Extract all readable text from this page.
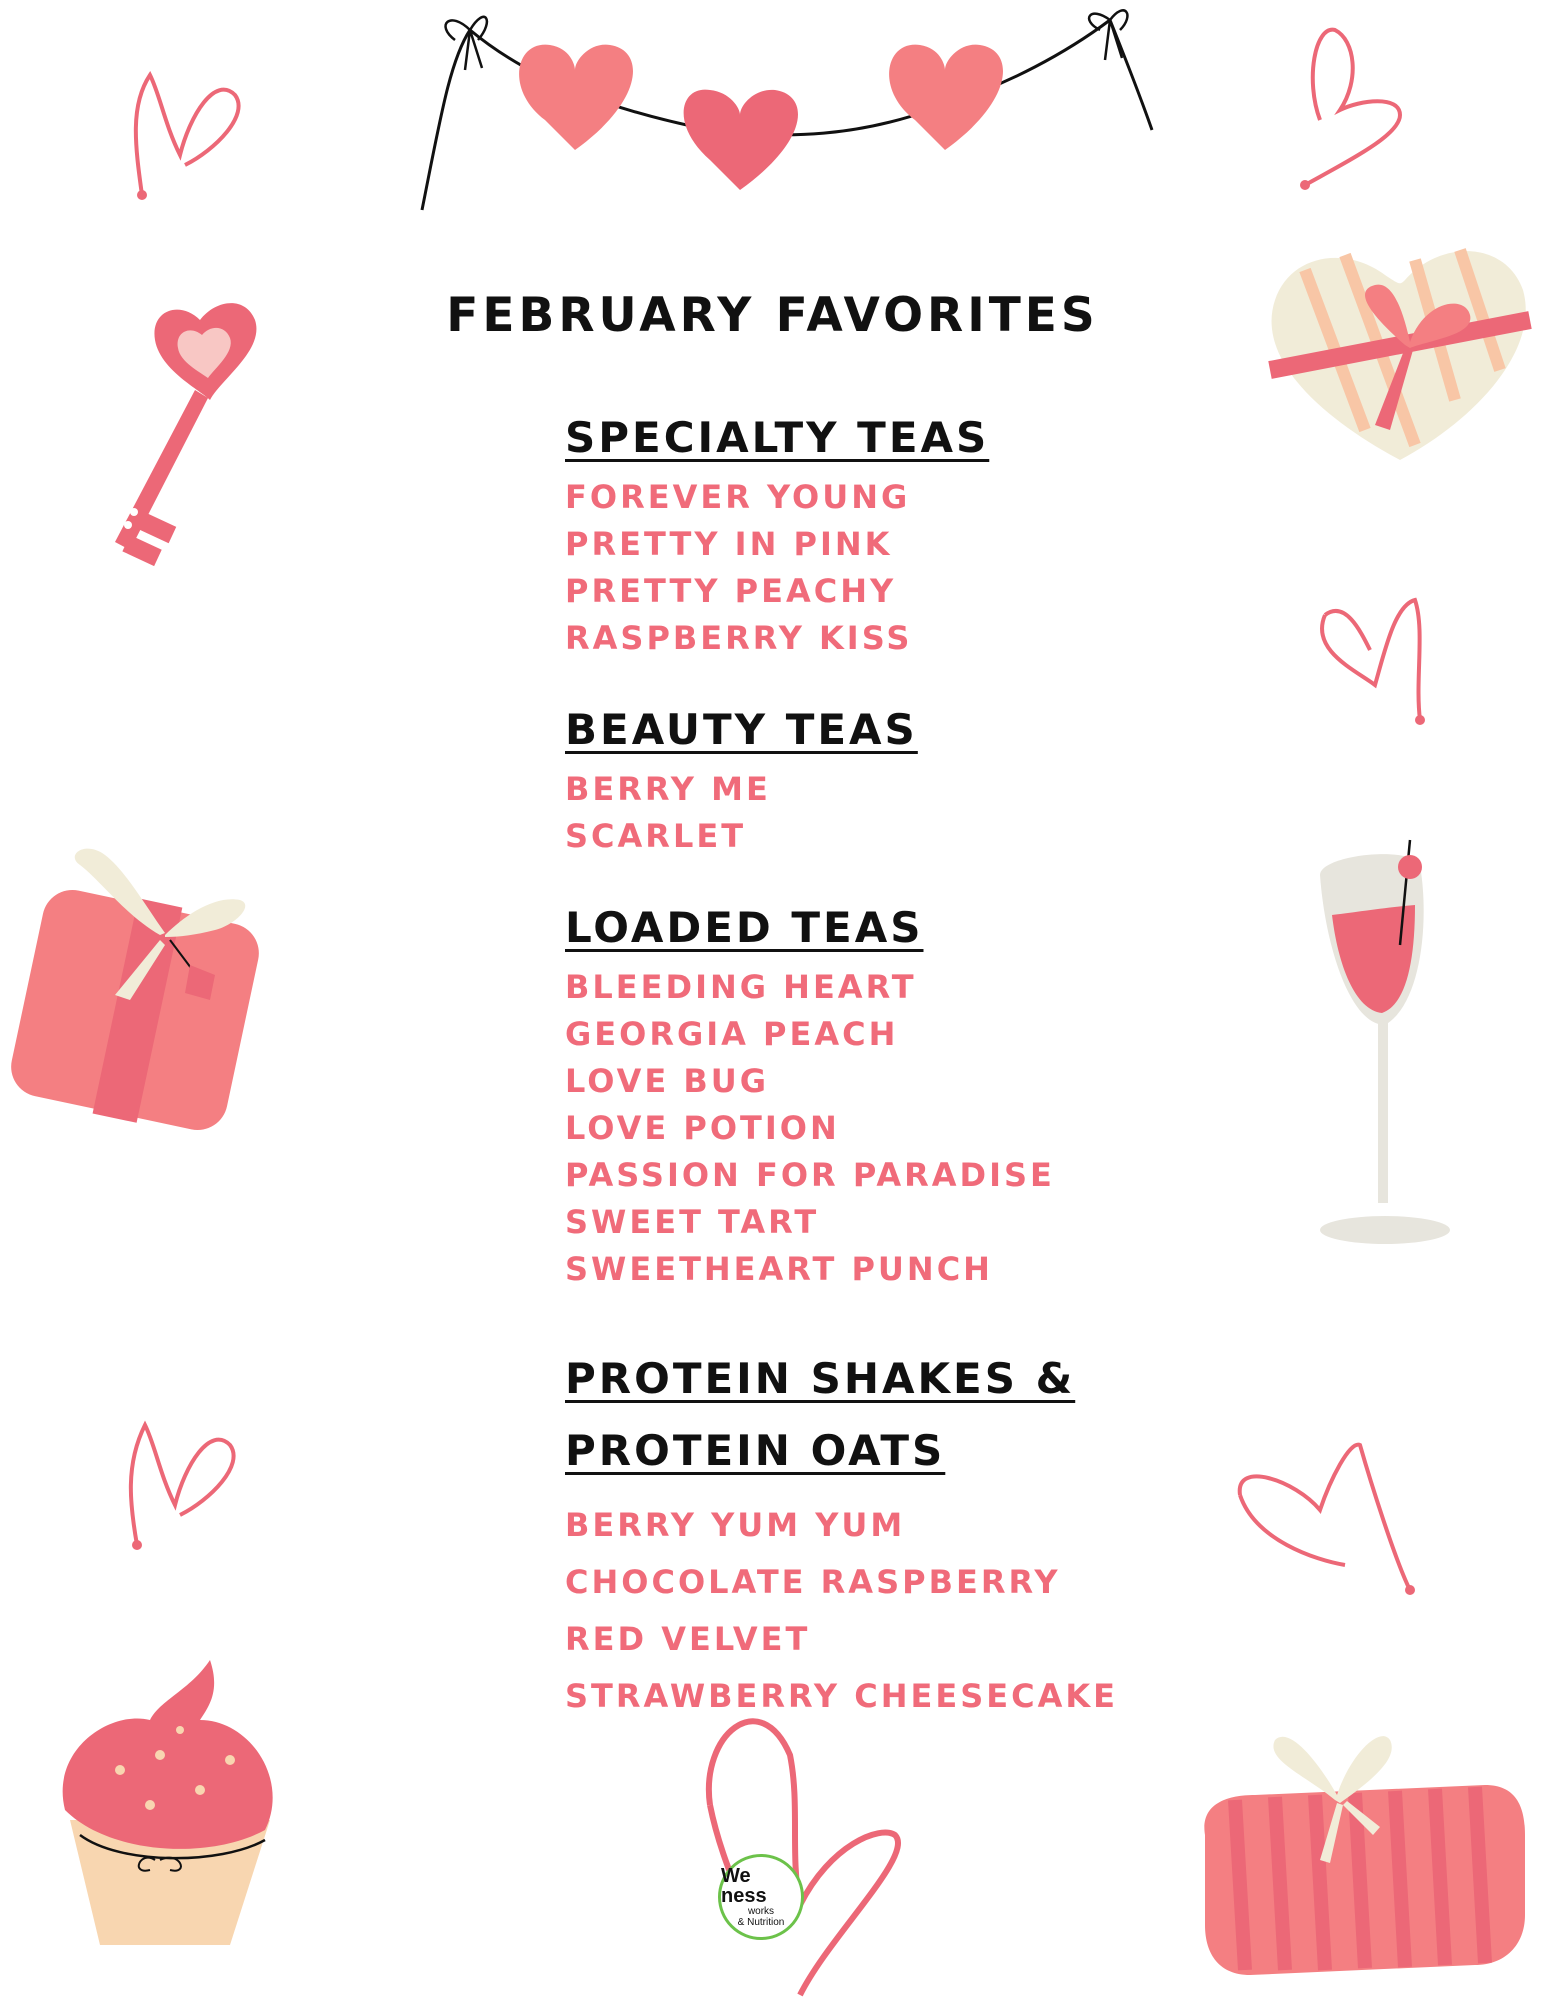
FEBRUARY FAVORITES
SPECIALTY TEAS
FOREVER YOUNG
PRETTY IN PINK
PRETTY PEACHY
RASPBERRY KISS
BEAUTY TEAS
BERRY ME
SCARLET
LOADED TEAS
BLEEDING HEART
GEORGIA PEACH
LOVE BUG
LOVE POTION
PASSION FOR PARADISE
SWEET TART
SWEETHEART PUNCH
PROTEIN SHAKES &
PROTEIN OATS
BERRY YUM YUM
CHOCOLATE RASPBERRY
RED VELVET
STRAWBERRY CHEESECAKE
We ness
works
& Nutrition
